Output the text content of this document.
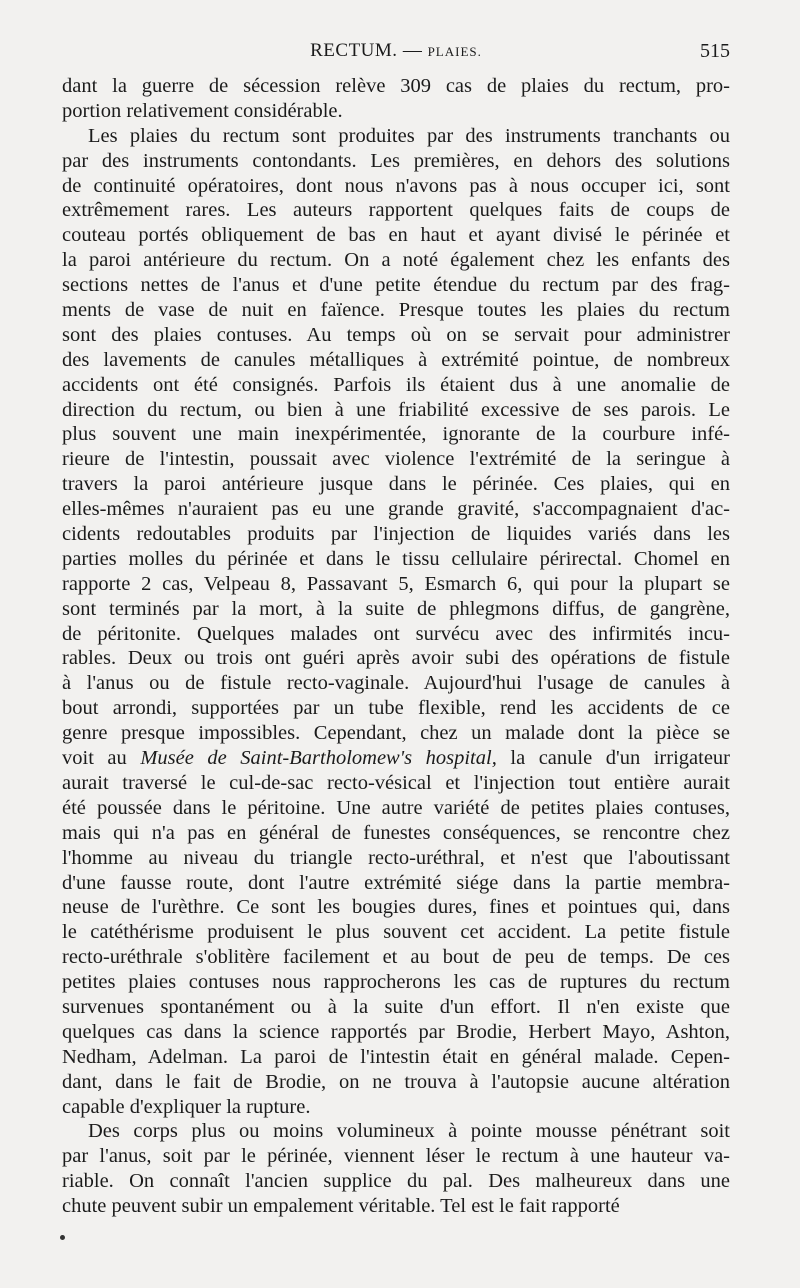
RECTUM. — PLAIES.	515
dant la guerre de sécession relève 309 cas de plaies du rectum, pro-
portion relativement considérable.
Les plaies du rectum sont produites par des instruments tranchants ou
par des instruments contondants. Les premières, en dehors des solutions
de continuité opératoires, dont nous n'avons pas à nous occuper ici, sont
extrêmement rares. Les auteurs rapportent quelques faits de coups de
couteau portés obliquement de bas en haut et ayant divisé le périnée et
la paroi antérieure du rectum. On a noté également chez les enfants des
sections nettes de l'anus et d'une petite étendue du rectum par des frag-
ments de vase de nuit en faïence. Presque toutes les plaies du rectum
sont des plaies contuses. Au temps où on se servait pour administrer
des lavements de canules métalliques à extrémité pointue, de nombreux
accidents ont été consignés. Parfois ils étaient dus à une anomalie de
direction du rectum, ou bien à une friabilité excessive de ses parois. Le
plus souvent une main inexpérimentée, ignorante de la courbure infé-
rieure de l'intestin, poussait avec violence l'extrémité de la seringue à
travers la paroi antérieure jusque dans le périnée. Ces plaies, qui en
elles-mêmes n'auraient pas eu une grande gravité, s'accompagnaient d'ac-
cidents redoutables produits par l'injection de liquides variés dans les
parties molles du périnée et dans le tissu cellulaire périrectal. Chomel en
rapporte 2 cas, Velpeau 8, Passavant 5, Esmarch 6, qui pour la plupart se
sont terminés par la mort, à la suite de phlegmons diffus, de gangrène,
de péritonite. Quelques malades ont survécu avec des infirmités incu-
rables. Deux ou trois ont guéri après avoir subi des opérations de fistule
à l'anus ou de fistule recto-vaginale. Aujourd'hui l'usage de canules à
bout arrondi, supportées par un tube flexible, rend les accidents de ce
genre presque impossibles. Cependant, chez un malade dont la pièce se
voit au Musée de Saint-Bartholomew's hospital, la canule d'un irrigateur
aurait traversé le cul-de-sac recto-vésical et l'injection tout entière aurait
été poussée dans le péritoine. Une autre variété de petites plaies contuses,
mais qui n'a pas en général de funestes conséquences, se rencontre chez
l'homme au niveau du triangle recto-uréthral, et n'est que l'aboutissant
d'une fausse route, dont l'autre extrémité siége dans la partie membra-
neuse de l'urèthre. Ce sont les bougies dures, fines et pointues qui, dans
le catéthérisme produisent le plus souvent cet accident. La petite fistule
recto-uréthrale s'oblitère facilement et au bout de peu de temps. De ces
petites plaies contuses nous rapprocherons les cas de ruptures du rectum
survenues spontanément ou à la suite d'un effort. Il n'en existe que
quelques cas dans la science rapportés par Brodie, Herbert Mayo, Ashton,
Nedham, Adelman. La paroi de l'intestin était en général malade. Cepen-
dant, dans le fait de Brodie, on ne trouva à l'autopsie aucune altération
capable d'expliquer la rupture.
Des corps plus ou moins volumineux à pointe mousse pénétrant soit
par l'anus, soit par le périnée, viennent léser le rectum à une hauteur va-
riable. On connaît l'ancien supplice du pal. Des malheureux dans une
chute peuvent subir un empalement véritable. Tel est le fait rapporté
